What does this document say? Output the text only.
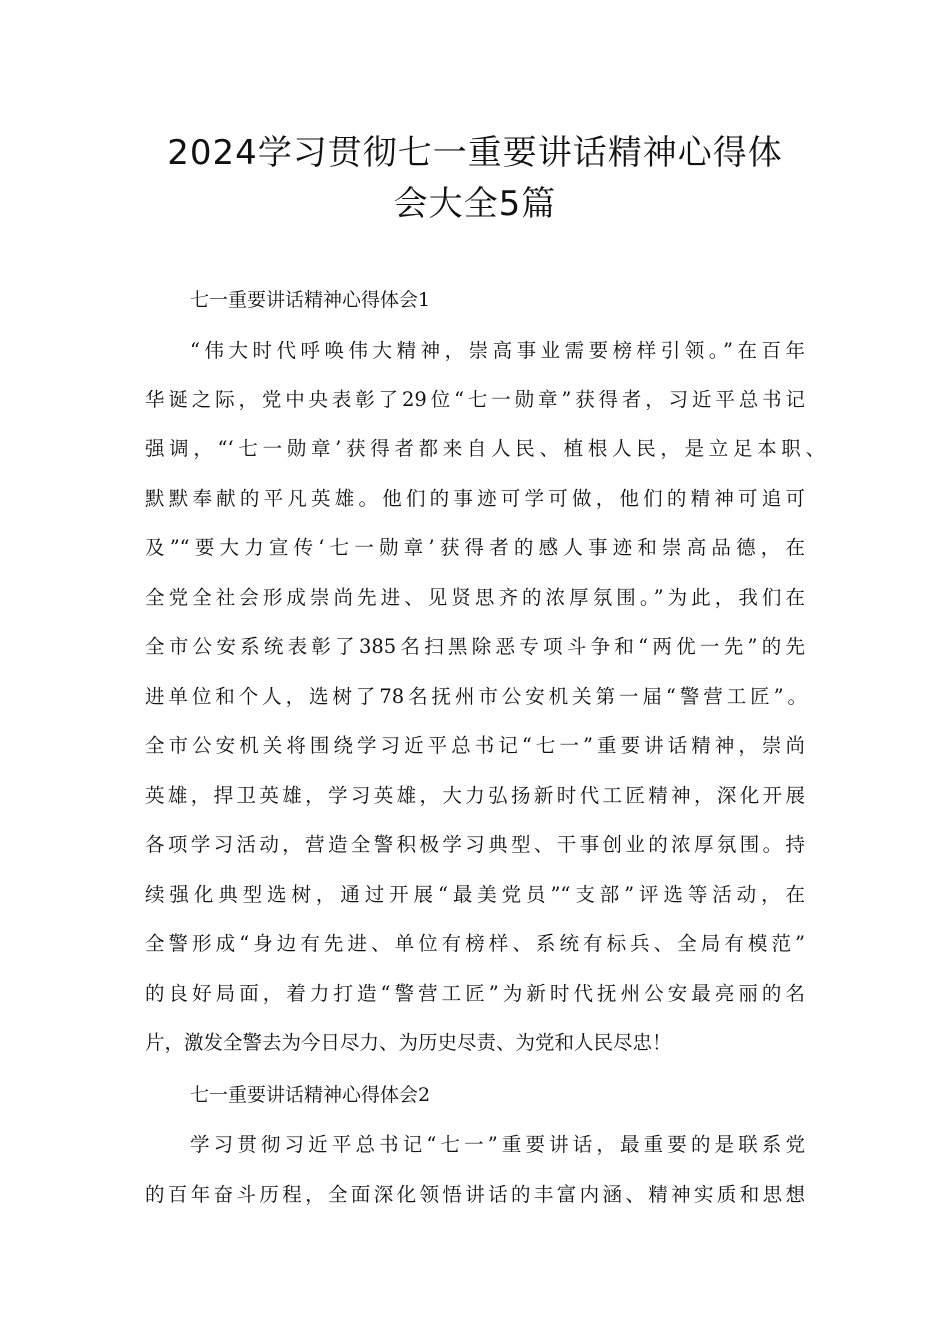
2024学习贯彻七一重要讲话精神心得体
会大全5篇

七一重要讲话精神心得体会1

“伟大时代呼唤伟大精神，崇高事业需要榜样引领。”在百年

华诞之际，党中央表彰了29位“七一勋章”获得者，习近平总书记

强调，“‘七一勋章’获得者都来自人民、植根人民，是立足本职、

默默奉献的平凡英雄。他们的事迹可学可做，他们的精神可追可

及”“要大力宣传‘七一勋章’获得者的感人事迹和崇高品德，在

全党全社会形成崇尚先进、见贤思齐的浓厚氛围。”为此，我们在

全市公安系统表彰了385名扫黑除恶专项斗争和“两优一先”的先

进单位和个人，选树了78名抚州市公安机关第一届“警营工匠”。

全市公安机关将围绕学习近平总书记“七一”重要讲话精神，崇尚

英雄，捍卫英雄，学习英雄，大力弘扬新时代工匠精神，深化开展

各项学习活动，营造全警积极学习典型、干事创业的浓厚氛围。持

续强化典型选树，通过开展“最美党员”“支部”评选等活动，在

全警形成“身边有先进、单位有榜样、系统有标兵、全局有模范”

的良好局面，着力打造“警营工匠”为新时代抚州公安最亮丽的名

片，激发全警去为今日尽力、为历史尽责、为党和人民尽忠！

七一重要讲话精神心得体会2

学习贯彻习近平总书记“七一”重要讲话，最重要的是联系党

的百年奋斗历程，全面深化领悟讲话的丰富内涵、精神实质和思想
